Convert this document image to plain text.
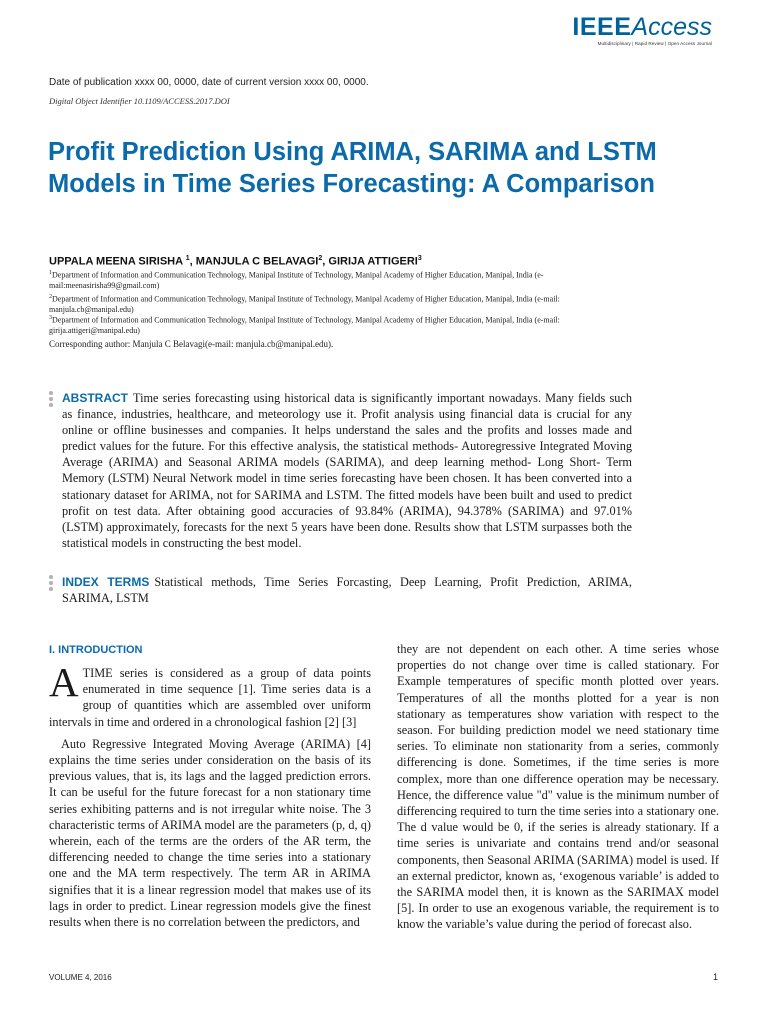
IEEEAccess
Multidisciplinary | Rapid Review | Open Access Journal
Date of publication xxxx 00, 0000, date of current version xxxx 00, 0000.
Digital Object Identifier 10.1109/ACCESS.2017.DOI
Profit Prediction Using ARIMA, SARIMA and LSTM Models in Time Series Forecasting: A Comparison
UPPALA MEENA SIRISHA $^1$, MANJULA C BELAVAGI$^2$, GIRIJA ATTIGERI$^3$
$^1$Department of Information and Communication Technology, Manipal Institute of Technology, Manipal Academy of Higher Education, Manipal, India (e-mail:meenasirisha99@gmail.com)
$^2$Department of Information and Communication Technology, Manipal Institute of Technology, Manipal Academy of Higher Education, Manipal, India (e-mail: manjula.cb@manipal.edu)
$^3$Department of Information and Communication Technology, Manipal Institute of Technology, Manipal Academy of Higher Education, Manipal, India (e-mail: girija.attigeri@manipal.edu)
Corresponding author: Manjula C Belavagi(e-mail: manjula.cb@manipal.edu).
ABSTRACT Time series forecasting using historical data is significantly important nowadays. Many fields such as finance, industries, healthcare, and meteorology use it. Profit analysis using financial data is crucial for any online or offline businesses and companies. It helps understand the sales and the profits and losses made and predict values for the future. For this effective analysis, the statistical methods- Autoregressive Integrated Moving Average (ARIMA) and Seasonal ARIMA models (SARIMA), and deep learning method- Long Short- Term Memory (LSTM) Neural Network model in time series forecasting have been chosen. It has been converted into a stationary dataset for ARIMA, not for SARIMA and LSTM. The fitted models have been built and used to predict profit on test data. After obtaining good accuracies of 93.84% (ARIMA), 94.378% (SARIMA) and 97.01% (LSTM) approximately, forecasts for the next 5 years have been done. Results show that LSTM surpasses both the statistical models in constructing the best model.
INDEX TERMS Statistical methods, Time Series Forcasting, Deep Learning, Profit Prediction, ARIMA, SARIMA, LSTM
I. INTRODUCTION

ATIME series is considered as a group of data points enumerated in time sequence [1]. Time series data is a group of quantities which are assembled over uniform intervals in time and ordered in a chronological fashion [2] [3]

Auto Regressive Integrated Moving Average (ARIMA) [4] explains the time series under consideration on the basis of its previous values, that is, its lags and the lagged prediction errors. It can be useful for the future forecast for a non stationary time series exhibiting patterns and is not irregular white noise. The 3 characteristic terms of ARIMA model are the parameters (p, d, q) wherein, each of the terms are the orders of the AR term, the differencing needed to change the time series into a stationary one and the MA term respectively. The term AR in ARIMA signifies that it is a linear regression model that makes use of its lags in order to predict. Linear regression models give the finest results when there is no correlation between the predictors, and

they are not dependent on each other. A time series whose properties do not change over time is called stationary. For Example temperatures of specific month plotted over years. Temperatures of all the months plotted for a year is non stationary as temperatures show variation with respect to the season. For building prediction model we need stationary time series. To eliminate non stationarity from a series, commonly differencing is done. Sometimes, if the time series is more complex, more than one difference operation may be necessary. Hence, the difference value "d" value is the minimum number of differencing required to turn the time series into a stationary one. The d value would be 0, if the series is already stationary. If a time series is univariate and contains trend and/or seasonal components, then Seasonal ARIMA (SARIMA) model is used. If an external predictor, known as, ‘exogenous variable’ is added to the SARIMA model then, it is known as the SARIMAX model [5]. In order to use an exogenous variable, the requirement is to know the variable’s value during the period of forecast also.

VOLUME 4, 2016	1
